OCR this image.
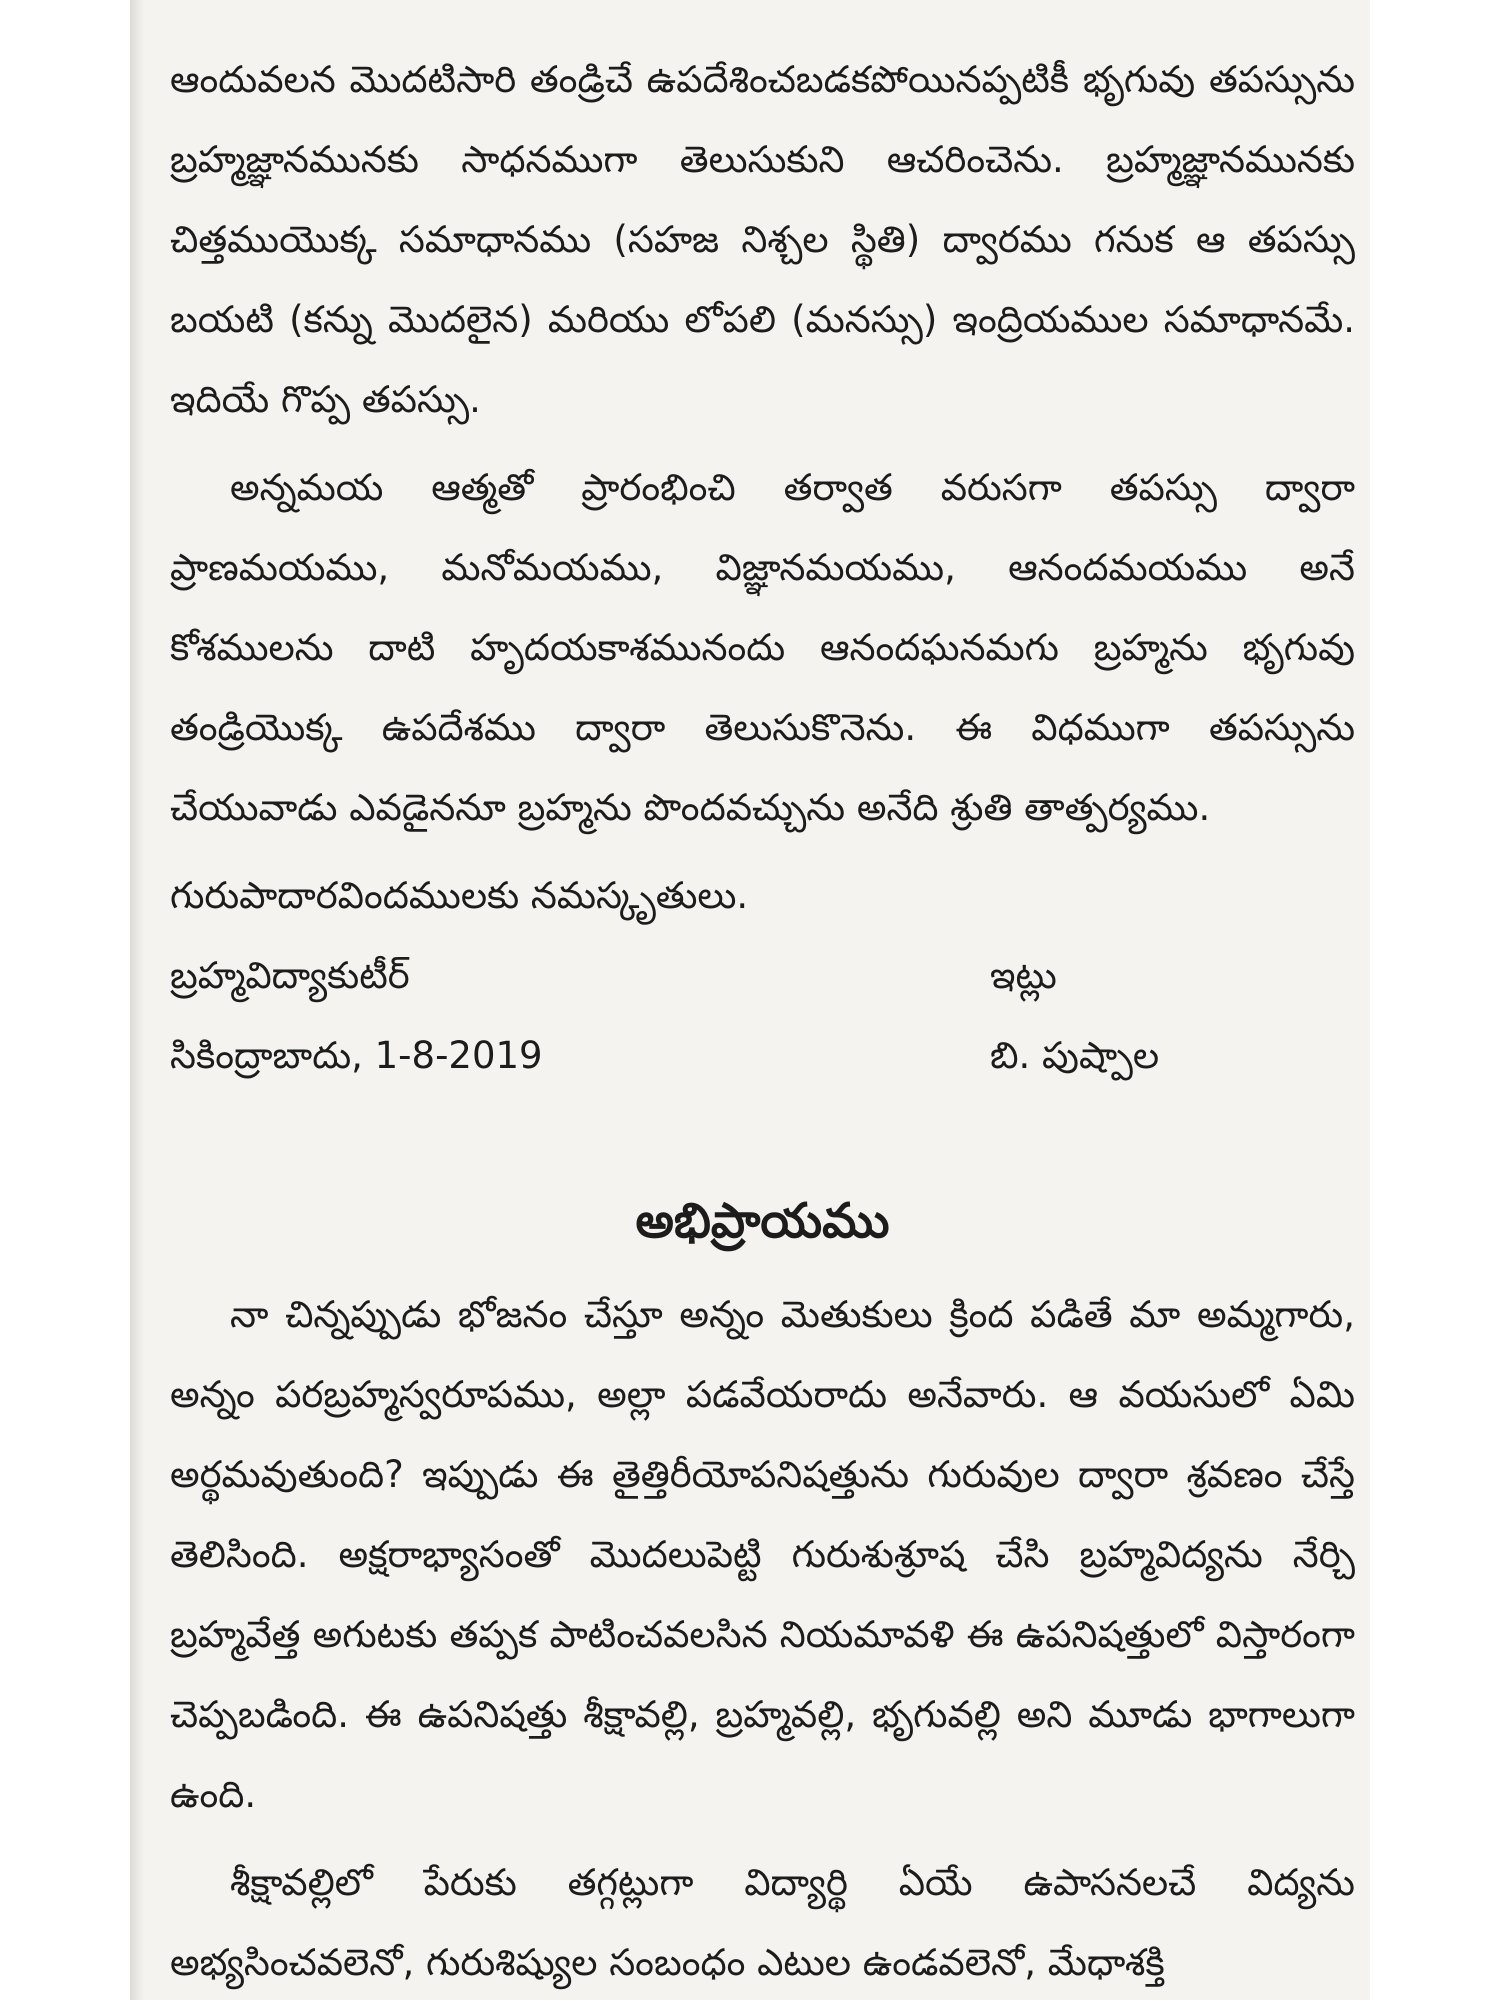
ఆందువలన మొదటిసారి తండ్రిచే ఉపదేశించబడకపోయినప్పటికీ భృగువు తపస్సును బ్రహ్మజ్ఞానమునకు సాధనముగా తెలుసుకుని ఆచరించెను. బ్రహ్మజ్ఞానమునకు చిత్తముయొక్క సమాధానము (సహజ నిశ్చల స్థితి) ద్వారము గనుక ఆ తపస్సు బయటి (కన్ను మొదలైన) మరియు లోపలి (మనస్సు) ఇంద్రియముల సమాధానమే. ఇదియే గొప్ప తపస్సు.

అన్నమయ ఆత్మతో ప్రారంభించి తర్వాత వరుసగా తపస్సు ద్వారా ప్రాణమయము, మనోమయము, విజ్ఞానమయము, ఆనందమయము అనే కోశములను దాటి హృదయకాశమునందు ఆనందఘనమగు బ్రహ్మను భృగువు తండ్రియొక్క ఉపదేశము ద్వారా తెలుసుకొనెను. ఈ విధముగా తపస్సును చేయువాడు ఎవడైననూ బ్రహ్మను పొందవచ్చును అనేది శ్రుతి తాత్పర్యము.

గురుపాదారవిందములకు నమస్కృతులు.

బ్రహ్మవిద్యాకుటీర్	ఇట్లు
సికింద్రాబాదు, 1-8-2019	బి. పుష్పాల
అభిప్రాయము

నా చిన్నప్పుడు భోజనం చేస్తూ అన్నం మెతుకులు క్రింద పడితే మా అమ్మగారు, అన్నం పరబ్రహ్మస్వరూపము, అల్లా పడవేయరాదు అనేవారు. ఆ వయసులో ఏమి అర్థమవుతుంది? ఇప్పుడు ఈ తైత్తిరీయోపనిషత్తును గురువుల ద్వారా శ్రవణం చేస్తే తెలిసింది. అక్షరాభ్యాసంతో మొదలుపెట్టి గురుశుశ్రూష చేసి బ్రహ్మవిద్యను నేర్చి బ్రహ్మవేత్త అగుటకు తప్పక పాటించవలసిన నియమావళి ఈ ఉపనిషత్తులో విస్తారంగా చెప్పబడింది. ఈ ఉపనిషత్తు శీక్షావల్లి, బ్రహ్మవల్లి, భృగువల్లి అని మూడు భాగాలుగా ఉంది.

శీక్షావల్లిలో పేరుకు తగ్గట్లుగా విద్యార్థి ఏయే ఉపాసనలచే విద్యను అభ్యసించవలెనో, గురుశిష్యుల సంబంధం ఎటుల ఉండవలెనో, మేధాశక్తి
